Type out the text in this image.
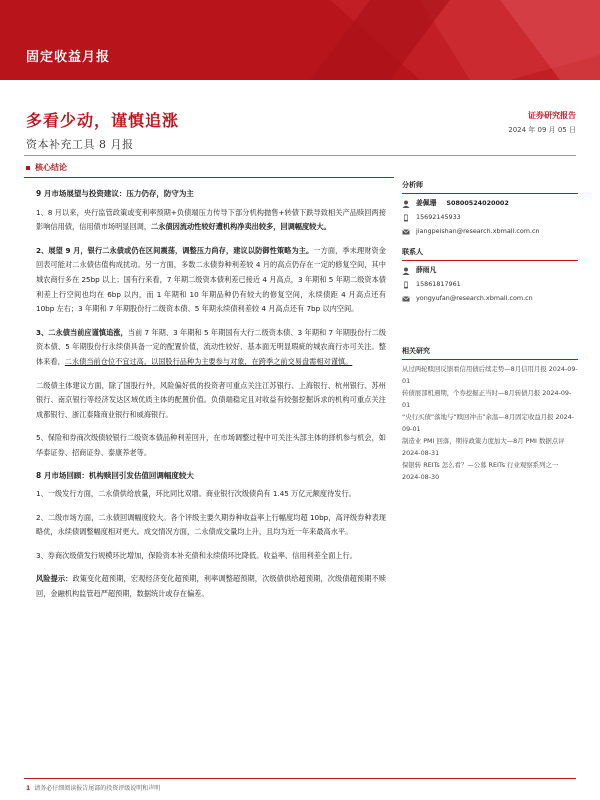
固定收益月报
多看少动，谨慎追涨
资本补充工具 8 月报
证券研究报告
2024 年 09 月 05 日
核心结论
9 月市场展望与投资建议：压力仍存，防守为主

1、8 月以来，央行监管政策或变利率预期+负债端压力传导下部分机构抛售+转债下跌导致相关产品赎回两接影响信用债，信用债市场明显回调，二永债因流动性较好遭机构净卖出较多，回调幅度较大。

2、展望 9 月，银行二永债或仍在区间震荡，调整压力尚存，建议以防御性策略为主。一方面，季末理财资金回表可能对二永债估值构成扰动。另一方面，多数二永债券种利差较 4 月的高点仍存在一定的修复空间，其中城农商行多在 25bp 以上；国有行来看，7 年期二级资本债利差已接近 4 月高点，3 年期和 5 年期二级资本债利差上行空间也均在 6bp 以内，而 1 年期和 10 年期品种仍有较大的修复空间，永续债距 4 月高点还有 10bp 左右；3 年期和 7 年期股份行二级资本债、5 年期永续债利差较 4 月高点还有 7bp 以内空间。

3、二永债当前应谨慎追涨，当前 7 年期、3 年期和 5 年期国有大行二级资本债、3 年期和 7 年期股份行二级资本债、5 年期股份行永续债具备一定的配置价值，流动性较好、基本面无明显瑕疵的城农商行亦可关注。整体来看，二永债当前仓位不宜过高，以国股行品种为主要参与对象，在跨季之前交易盘需相对谨慎。

二级债主体建议方面，除了国股行外，风险偏好低的投资者可重点关注江苏银行、上海银行、杭州银行、苏州银行、南京银行等经济发达区域优质主体的配置价值。负债端稳定且对收益有较强挖掘诉求的机构可重点关注成都银行、浙江泰隆商业银行和威海银行。

5、保险和券商次级债较银行二级资本债品种利差回升，在市场调整过程中可关注头部主体的择机参与机会，如华泰证券、招商证券、泰康养老等。

8 月市场回顾：机构赎回引发估值回调幅度较大

1、一级发行方面，二永债供给放量，环比同比双增。商业银行次级债尚有 1.45 万亿元额度待发行。

2、二级市场方面，二永债回调幅度较大。各个评级主要久期券种收益率上行幅度均超 10bp，高评级券种表现略优，永续债调整幅度相对更大。成交情况方面，二永债成交量均上升，且均为近一年来最高水平。

3、券商次级债发行规模环比增加，保险资本补充债和永续债环比降低。收益率、信用利差全面上行。

风险提示：政策变化超预期，宏观经济变化超预期，利率调整超预期，次级债供给超预期，次级债超预期不赎回，金融机构监管趋严超预期，数据统计或存在偏差。

分析师
姜佩珊 S0800524020002
15692145933
jiangpeishan@research.xbmall.com.cn
联系人
薛雨凡
15861817961
yongyufan@research.xbmall.com.cn
相关研究
从过两轮赎回反馈看信用债后续走势—8月信用月报 2024-09-01
转债展部机遇期，个券挖掘正当时—8月转债月报 2024-09-01
“央行买债”落地与“赎回冲击”余温—8月固定收益月报 2024-09-01
制造业 PMI 回落，期待政策力度加大—8月 PMI 数据点评 2024-08-31
保银转 REITs 怎么看？—公募 REITs 行业观察系列之一 2024-08-30
1 请务必仔细阅读报告尾部的投资评级说明和声明
